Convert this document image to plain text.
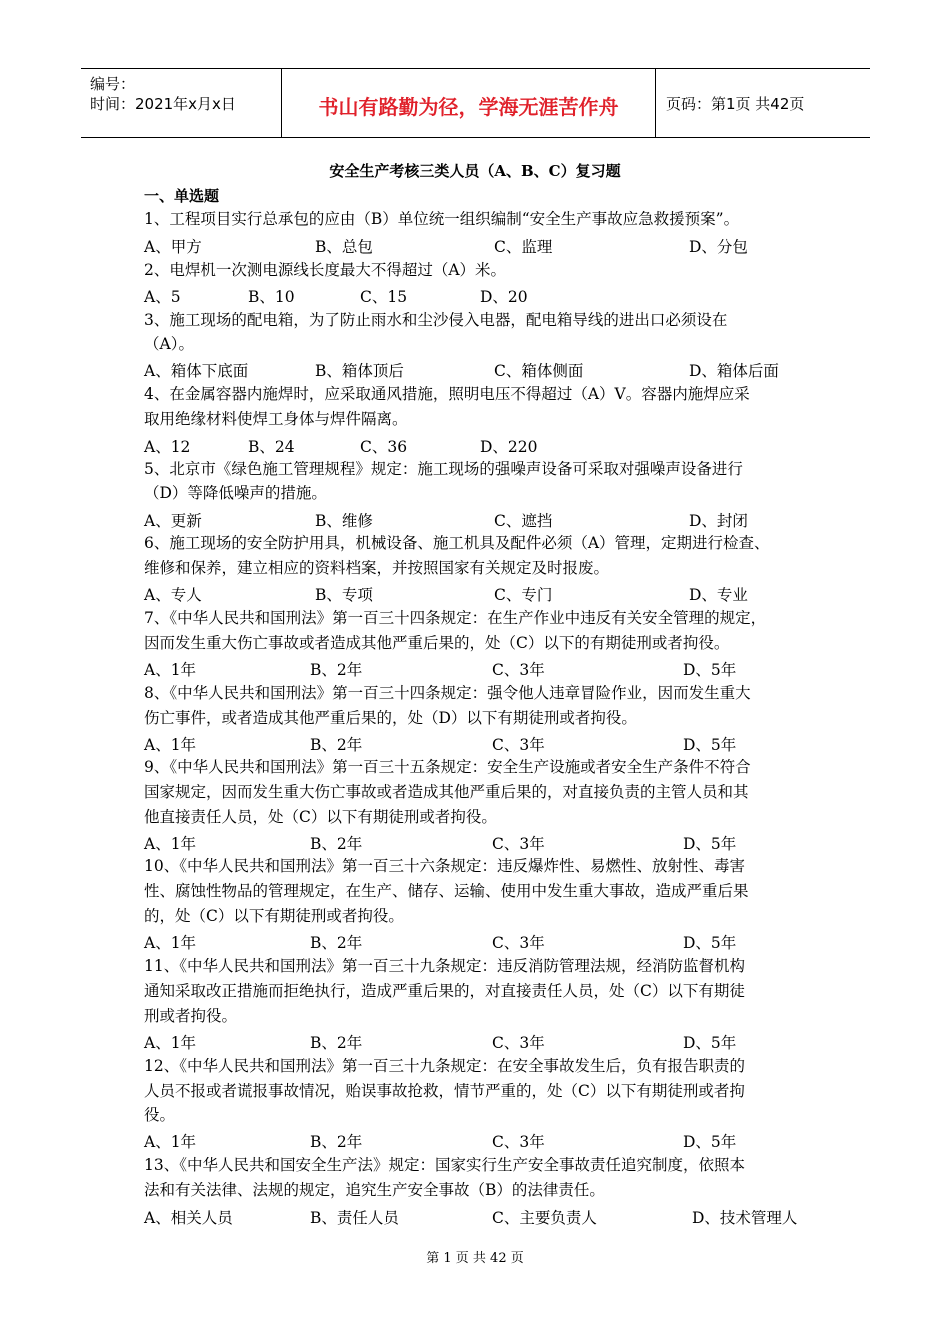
编号：
时间：2021年x月x日	书山有路勤为径，学海无涯苦作舟	页码：第1页 共42页
安全生产考核三类人员（A、B、C）复习题
一、单选题
1、工程项目实行总承包的应由（B）单位统一组织编制“安全生产事故应急救援预案”。
A、甲方	B、总包	C、监理	D、分包
2、电焊机一次测电源线长度最大不得超过（A）米。
A、5	B、10	C、15	D、20
3、施工现场的配电箱，为了防止雨水和尘沙侵入电器，配电箱导线的进出口必须设在
（A）。
A、箱体下底面	B、箱体顶后	C、箱体侧面	D、箱体后面
4、在金属容器内施焊时，应采取通风措施，照明电压不得超过（A）V。容器内施焊应采
取用绝缘材料使焊工身体与焊件隔离。
A、12	B、24	C、36	D、220
5、北京市《绿色施工管理规程》规定：施工现场的强噪声设备可采取对强噪声设备进行
（D）等降低噪声的措施。
A、更新	B、维修	C、遮挡	D、封闭
6、施工现场的安全防护用具，机械设备、施工机具及配件必须（A）管理，定期进行检查、
维修和保养，建立相应的资料档案，并按照国家有关规定及时报废。
A、专人	B、专项	C、专门	D、专业
7、《中华人民共和国刑法》第一百三十四条规定：在生产作业中违反有关安全管理的规定，
因而发生重大伤亡事故或者造成其他严重后果的，处（C）以下的有期徒刑或者拘役。
A、1年	B、2年	C、3年	D、5年
8、《中华人民共和国刑法》第一百三十四条规定：强令他人违章冒险作业，因而发生重大
伤亡事件，或者造成其他严重后果的，处（D）以下有期徒刑或者拘役。
A、1年	B、2年	C、3年	D、5年
9、《中华人民共和国刑法》第一百三十五条规定：安全生产设施或者安全生产条件不符合
国家规定，因而发生重大伤亡事故或者造成其他严重后果的，对直接负责的主管人员和其
他直接责任人员，处（C）以下有期徒刑或者拘役。
A、1年	B、2年	C、3年	D、5年
10、《中华人民共和国刑法》第一百三十六条规定：违反爆炸性、易燃性、放射性、毒害
性、腐蚀性物品的管理规定，在生产、储存、运输、使用中发生重大事故，造成严重后果
的，处（C）以下有期徒刑或者拘役。
A、1年	B、2年	C、3年	D、5年
11、《中华人民共和国刑法》第一百三十九条规定：违反消防管理法规，经消防监督机构
通知采取改正措施而拒绝执行，造成严重后果的，对直接责任人员，处（C）以下有期徒
刑或者拘役。
A、1年	B、2年	C、3年	D、5年
12、《中华人民共和国刑法》第一百三十九条规定：在安全事故发生后，负有报告职责的
人员不报或者谎报事故情况，贻误事故抢救，情节严重的，处（C）以下有期徒刑或者拘
役。
A、1年	B、2年	C、3年	D、5年
13、《中华人民共和国安全生产法》规定：国家实行生产安全事故责任追究制度，依照本
法和有关法律、法规的规定，追究生产安全事故（B）的法律责任。
A、相关人员	B、责任人员	C、主要负责人	D、技术管理人
第 1 页 共 42 页
